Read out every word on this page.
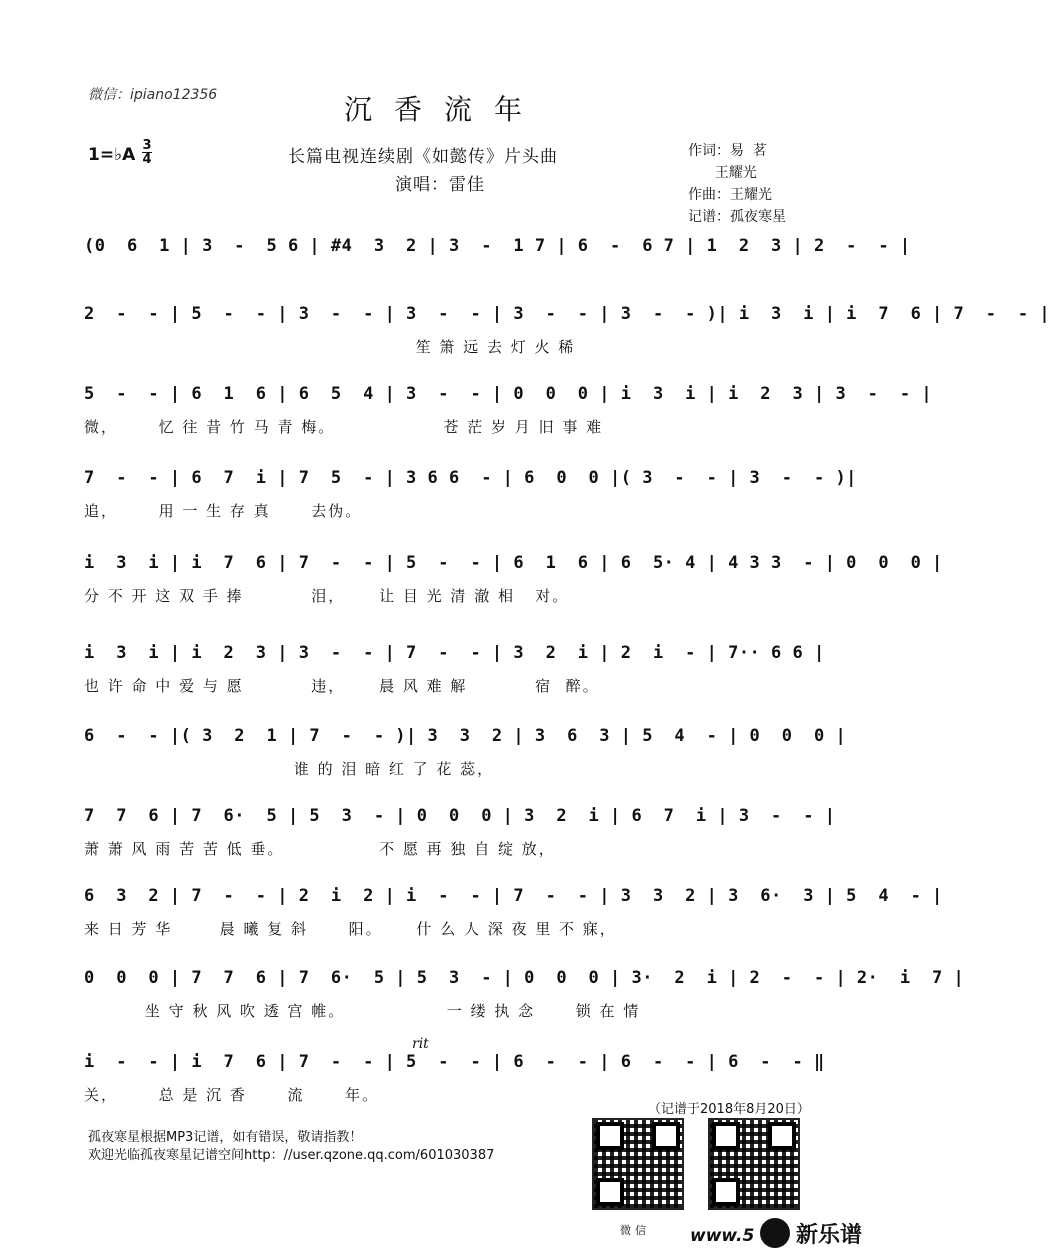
微信：ipiano12356	沉香流年
1=♭A 3
4	长篇电视连续剧《如懿传》片头曲
演唱：雷佳
作词：易  茗
王耀光
作曲：王耀光
记谱：孤夜寒星
(0  6  1 | 3  -  5 6 | #4  3  2 | 3  -  1 7 | 6  -  6 7 | 1  2  3 | 2  -  - |
2  -  - | 5  -  - | 3  -  - | 3  -  - | 3  -  - | 3  -  - )| i  3  i | i  7  6 | 7  -  - |
笙 箫 远 去 灯 火 稀
5  -  - | 6  1  6 | 6  5  4 | 3  -  - | 0  0  0 | i  3  i | i  2  3 | 3  -  - |
微，      忆 往 昔 竹 马 青 梅。                苍 茫 岁 月 旧 事 难
7  -  - | 6  7  i | 7  5  - | 3 6 6  - | 6  0  0 |( 3  -  - | 3  -  - )|
追，      用 一 生 存 真      去伪。
i  3  i | i  7  6 | 7  -  - | 5  -  - | 6  1  6 | 6  5· 4 | 4 3 3  - | 0  0  0 |
分 不 开 这 双 手 捧          泪，     让 目 光 清 澈 相   对。
i  3  i | i  2  3 | 3  -  - | 7  -  - | 3  2  i | 2  i  - | 7·· 6 6 |
也 许 命 中 爱 与 愿          违，     晨 风 难 解          宿  醉。
6  -  - |( 3  2  1 | 7  -  - )| 3  3  2 | 3  6  3 | 5  4  - | 0  0  0 |
谁 的 泪 暗 红 了 花 蕊，
7  7  6 | 7  6·  5 | 5  3  - | 0  0  0 | 3  2  i | 6  7  i | 3  -  - |
萧 萧 风 雨 苦 苦 低 垂。              不 愿 再 独 自 绽 放，
6  3  2 | 7  -  - | 2  i  2 | i  -  - | 7  -  - | 3  3  2 | 3  6·  3 | 5  4  - |
来 日 芳 华       晨 曦 复 斜      阳。     什 么 人 深 夜 里 不 寐，
0  0  0 | 7  7  6 | 7  6·  5 | 5  3  - | 0  0  0 | 3·  2  i | 2  -  - | 2·  i  7 |
坐 守 秋 风 吹 透 宫 帷。               一 缕 执 念      锁 在 情
rit
i  -  - | i  7  6 | 7  -  - | 5  -  - | 6  -  - | 6  -  - | 6  -  - ‖
关，      总 是 沉 香      流      年。
（记谱于2018年8月20日）
孤夜寒星根据MP3记谱，如有错误，敬请指教！
欢迎光临孤夜寒星记谱空间http：//user.qzone.qq.com/601030387
微信 www.5 新乐谱
